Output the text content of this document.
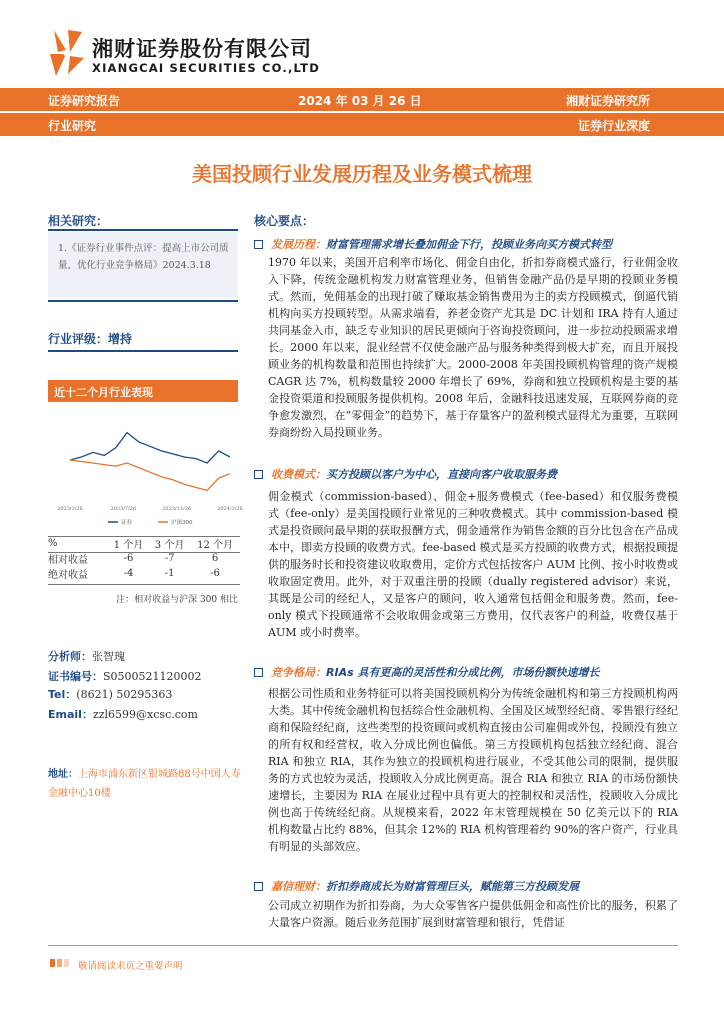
湘财证券股份有限公司
XIANGCAI SECURITIES CO.,LTD
证券研究报告	2024 年 03 月 26 日	湘财证券研究所
行业研究	证券行业深度
美国投顾行业发展历程及业务模式梳理
相关研究：
1.《证券行业事件点评：提高上市公司质量，优化行业竞争格局》2024.3.18
行业评级：增持
近十二个月行业表现
2023/3/26	2023/7/26	2023/11/26	2024/3/26
证券	沪深300
%	1 个月	3 个月	12 个月
相对收益	-6	-7	6
绝对收益	-4	-1	-6
注：相对收益与沪深 300 相比
分析师：张智瑰
证书编号：S0500521120002
Tel：(8621) 50295363
Email：zzl6599@xcsc.com
地址：上海市浦东新区银城路88号中国人寿金融中心10楼
核心要点：
发展历程：财富管理需求增长叠加佣金下行，投顾业务向买方模式转型
1970 年以来，美国开启利率市场化、佣金自由化，折扣券商模式盛行，行业佣金收入下降，传统金融机构发力财富管理业务，但销售金融产品仍是早期的投顾业务模式。然而，免佣基金的出现打破了赚取基金销售费用为主的卖方投顾模式，倒逼代销机构向买方投顾转型。从需求端看，养老金资产尤其是 DC 计划和 IRA 持有人通过共同基金入市，缺乏专业知识的居民更倾向于咨询投资顾问，进一步拉动投顾需求增长。2000 年以来，混业经营不仅使金融产品与服务种类得到极大扩充，而且开展投顾业务的机构数量和范围也持续扩大。2000-2008 年美国投顾机构管理的资产规模 CAGR 达 7%，机构数量较 2000 年增长了 69%，券商和独立投顾机构是主要的基金投资渠道和投顾服务提供机构。2008 年后，金融科技迅速发展，互联网券商的竞争愈发激烈，在“零佣金”的趋势下，基于存量客户的盈利模式显得尤为重要，互联网券商纷纷入局投顾业务。
收费模式：买方投顾以客户为中心，直接向客户收取服务费
佣金模式（commission-based）、佣金+服务费模式（fee-based）和仅服务费模式（fee-only）是美国投顾行业常见的三种收费模式。其中 commission-based 模式是投资顾问最早期的获取报酬方式，佣金通常作为销售金额的百分比包含在产品成本中，即卖方投顾的收费方式。fee-based 模式是买方投顾的收费方式，根据投顾提供的服务时长和投资建议收取费用，定价方式包括按客户 AUM 比例、按小时收费或收取固定费用。此外，对于双重注册的投顾（dually registered advisor）来说，其既是公司的经纪人，又是客户的顾问，收入通常包括佣金和服务费。然而，fee-only 模式下投顾通常不会收取佣金或第三方费用，仅代表客户的利益，收费仅基于 AUM 或小时费率。
竞争格局：RIAs 具有更高的灵活性和分成比例，市场份额快速增长
根据公司性质和业务特征可以将美国投顾机构分为传统金融机构和第三方投顾机构两大类。其中传统金融机构包括综合性金融机构、全国及区域型经纪商、零售银行经纪商和保险经纪商，这些类型的投资顾问或机构直接由公司雇佣或外包，投顾没有独立的所有权和经营权，收入分成比例也偏低。第三方投顾机构包括独立经纪商、混合 RIA 和独立 RIA，其作为独立的投顾机构进行展业，不受其他公司的限制，提供服务的方式也较为灵活，投顾收入分成比例更高。混合 RIA 和独立 RIA 的市场份额快速增长，主要因为 RIA 在展业过程中具有更大的控制权和灵活性，投顾收入分成比例也高于传统经纪商。从规模来看，2022 年末管理规模在 50 亿美元以下的 RIA 机构数量占比约 88%，但其余 12%的 RIA 机构管理着约 90%的客户资产，行业具有明显的头部效应。
嘉信理财：折扣券商成长为财富管理巨头，赋能第三方投顾发展
公司成立初期作为折扣券商，为大众零售客户提供低佣金和高性价比的服务，积累了大量客户资源。随后业务范围扩展到财富管理和银行，凭借证
敬请阅读末页之重要声明
